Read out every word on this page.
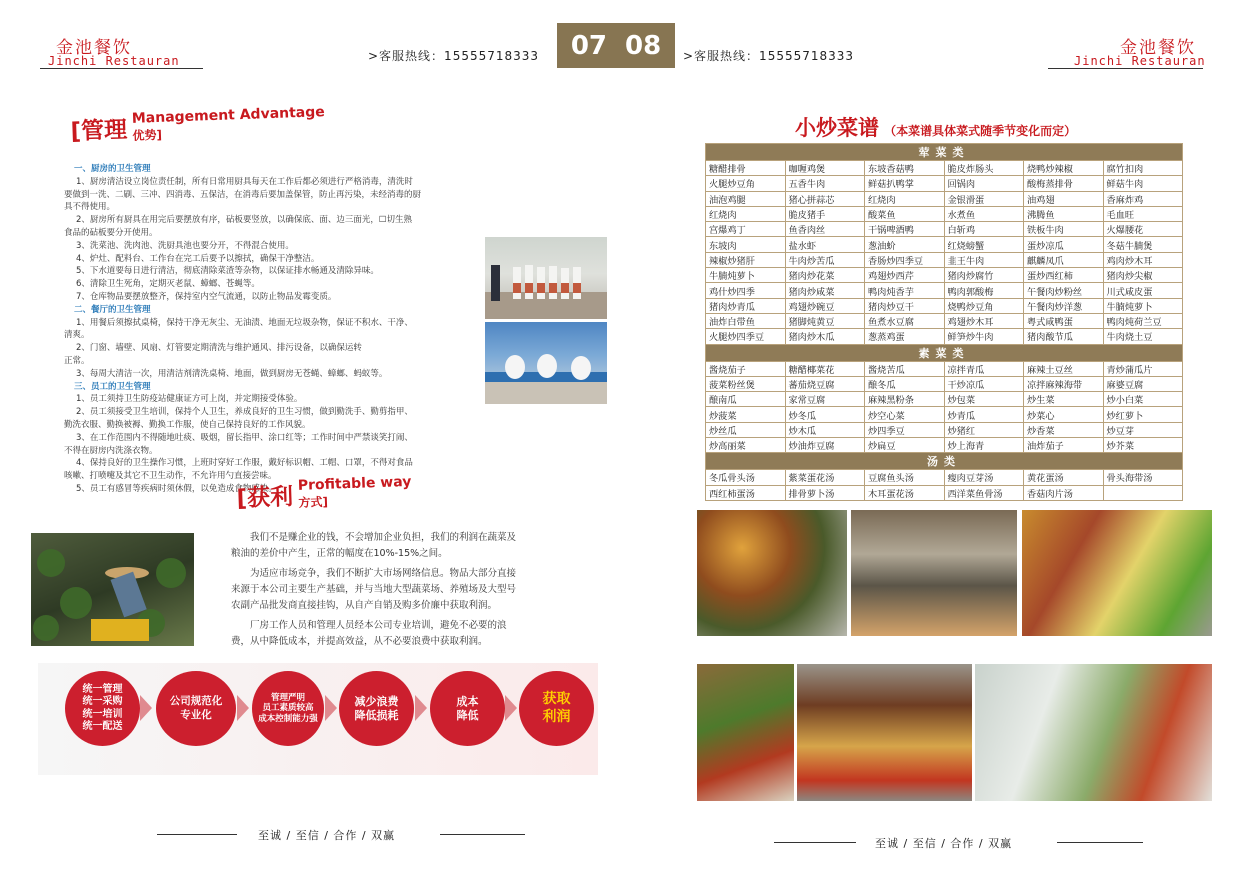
金池餐饮
Jinchi Restauran	>客服热线：15555718333 07 08 >客服热线：15555718333	金池餐饮
Jinchi Restauran
[管理
Management Advantage
优势]

一、厨房的卫生管理

1、厨房清洁设立岗位责任制，所有日常用厨具每天在工作后都必须进行严格消毒，清洗时

要做到一洗、二刷、三冲、四消毒、五保洁，在消毒后要加盖保管，防止再污染，未经消毒的厨

具不得使用。

2、厨房所有厨具在用完后要摆放有序，砧板要竖放，以确保底、面、边三面光，☐切生熟

食品的砧板要分开使用。

3、洗菜池、洗肉池、洗厨具池也要分开，不得混合使用。

4、炉灶、配料台、工作台在完工后要予以擦拭，确保干净整洁。

5、下水道要每日进行清洁，彻底清除菜渣等杂物，以保证排水畅通及清除异味。

6、清除卫生死角，定期灭老鼠、蟑螂、苍蝇等。

7、仓库物品要摆放整齐，保持室内空气流通，以防止物品发霉变质。

二、餐厅的卫生管理

1、用餐后须擦拭桌椅，保持干净无灰尘、无油渍、地面无垃圾杂物，保证不积水、干净、

清爽。

2、门窗、墙壁、风扇、灯管要定期清洗与维护通风、排污设备，以确保运转

正常。

3、每周大清洁一次，用清洁剂清洗桌椅、地面，做到厨房无苍蝇、蟑螂、蚂蚁等。

三、员工的卫生管理

1、员工须持卫生防疫站健康证方可上岗，并定期接受体验。

2、员工须接受卫生培训，保持个人卫生，养成良好的卫生习惯，做到勤洗手、勤剪指甲、

勤洗衣服、勤换被褥、勤换工作服，使自己保持良好的工作风貌。

3、在工作范围内不得随地吐痰、吸烟，留长指甲、涂口红等；工作时间中严禁谈笑打闹、

不得在厨房内洗涤衣物。

4、保持良好的卫生操作习惯，上班时穿好工作服，戴好标识帽、工帽、口罩，不得对食品

咳嗽、打喷嚏及其它不卫生动作，不允许用勺直接尝味。

5、员工有感冒等疾病时须休假，以免造成食物感染。

[获利
Profitable way
方式]

我们不是赚企业的钱，不会增加企业负担，我们的利润在蔬菜及粮油的差价中产生，正常的幅度在10%-15%之间。

为适应市场竞争，我们不断扩大市场网络信息。物品大部分直接来源于本公司主要生产基础，并与当地大型蔬菜场、养殖场及大型号农副产品批发商直接挂钩，从自产自销及购多价廉中获取利润。

厂房工作人员和管理人员经本公司专业培训，避免不必要的浪费，从中降低成本，并提高效益，从不必要浪费中获取利润。

统一管理
统一采购
统一培训
统一配送
公司规范化
专业化
管理严明
员工素质较高
成本控制能力强
减少浪费
降低损耗
成本
降低
获取
利润
小炒菜谱 （本菜谱具体菜式随季节变化而定）
荤菜类					
糖醋排骨	咖喱鸡煲	东坡香菇鸭	脆皮炸肠头	烧鸭炒辣椒	腐竹扣肉
火腿炒豆角	五香牛肉	鲜菇扒鸭掌	回锅肉	酸梅蒸排骨	鲜菇牛肉
油泡鸡腿	猪心拼蒜芯	红烧肉	金银滑蛋	油鸡翅	香麻炸鸡
红烧肉	脆皮猪手	酸菜鱼	水煮鱼	沸腾鱼	毛血旺
宫爆鸡丁	鱼香肉丝	干锅啤酒鸭	白斩鸡	铁板牛肉	火爆腰花
东坡肉	盐水虾	葱油蚧	红烧螃蟹	蛋炒凉瓜	冬菇牛腩煲
辣椒炒猪肝	牛肉炒苦瓜	香肠炒四季豆	韭王牛肉	麒麟凤爪	鸡肉炒木耳
牛腩炖萝卜	猪肉炒花菜	鸡翅炒西芹	猪肉炒腐竹	蛋炒西红柿	猪肉炒尖椒
鸡什炒四季	猪肉炒咸菜	鸭肉炖香芋	鸭肉郭酸梅	午餐肉炒粉丝	川式咸皮蛋
猪肉炒青瓜	鸡翅炒碗豆	猪肉炒豆干	烧鸭炒豆角	午餐肉炒洋葱	牛腩炖萝卜
油炸白带鱼	猪脚炖黄豆	鱼煮水豆腐	鸡翅炒木耳	粤式咸鸭蛋	鸭肉炖荷兰豆
火腿炒四季豆	猪肉炒木瓜	葱蒸鸡蛋	鲜笋炒牛肉	猪肉酸节瓜	牛肉烧土豆
素菜类					
酱烧茄子	糖醋椰菜花	酱烧苦瓜	凉拌青瓜	麻辣土豆丝	青炒蒲瓜片
菠菜粉丝煲	蕃茄烧豆腐	酿冬瓜	干炒凉瓜	凉拌麻辣海带	麻婆豆腐
酿南瓜	家常豆腐	麻辣黑粉条	炒包菜	炒生菜	炒小白菜
炒菠菜	炒冬瓜	炒空心菜	炒青瓜	炒菜心	炒红萝卜
炒丝瓜	炒木瓜	炒四季豆	炒猪红	炒香菜	炒豆芽
炒高丽菜	炒油炸豆腐	炒扁豆	炒上海青	油炸茄子	炒芥菜
汤类					
冬瓜骨头汤	紫菜蛋花汤	豆腐鱼头汤	瘦肉豆芽汤	黄花蛋汤	骨头海带汤
西红柿蛋汤	排骨萝卜汤	木耳蛋花汤	西洋菜鱼骨汤	香菇肉片汤	
至诚 / 至信 / 合作 / 双赢
至诚 / 至信 / 合作 / 双赢
